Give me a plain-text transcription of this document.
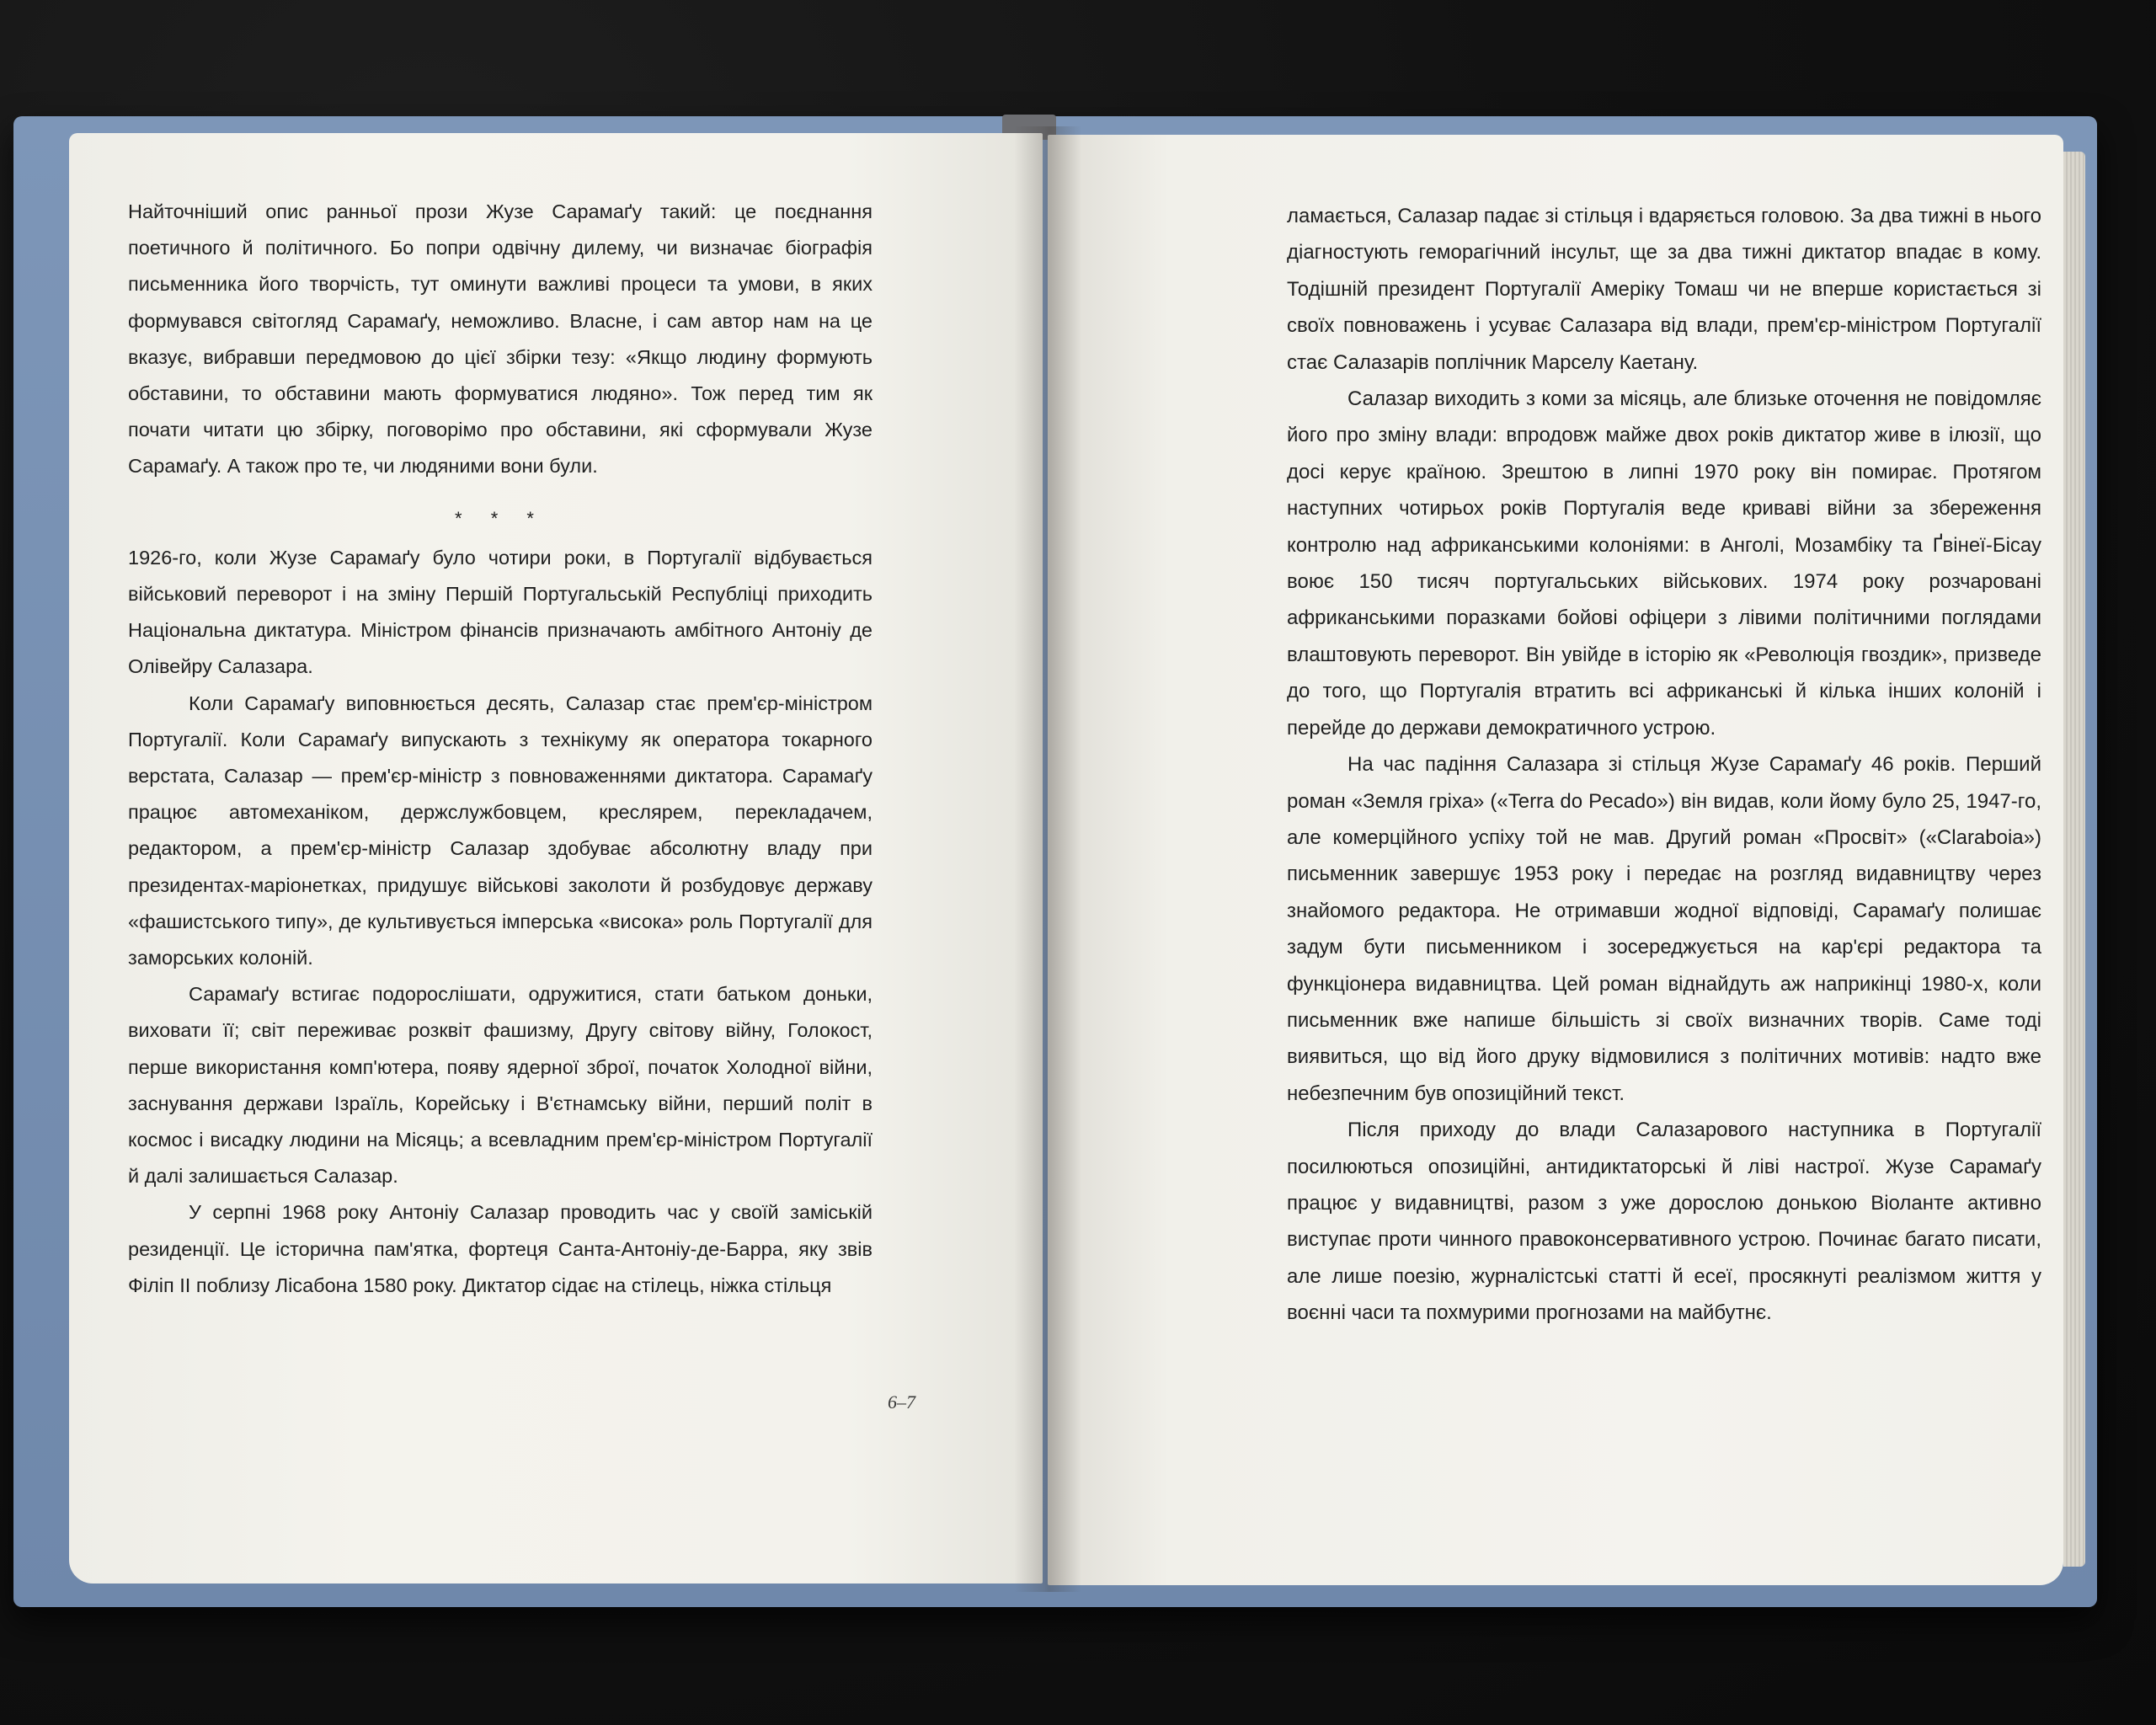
Найточніший опис ранньої прози Жузе Сарамаґу такий: це поєднання поетичного й політичного. Бо попри одвічну дилему, чи визначає біографія письменника його творчість, тут оминути важливі процеси та умови, в яких формувався світогляд Сарамаґу, неможливо. Власне, і сам автор нам на це вказує, вибравши передмовою до цієї збірки тезу: «Якщо людину формують обставини, то обставини мають формуватися людяно». Тож перед тим як почати читати цю збірку, поговорімо про обставини, які сформували Жузе Сарамаґу. А також про те, чи людяними вони були.

* * *

1926-го, коли Жузе Сарамаґу було чотири роки, в Португалії відбувається військовий переворот і на зміну Першій Португальській Республіці приходить Національна диктатура. Міністром фінансів призначають амбітного Антоніу де Олівейру Салазара.

Коли Сарамаґу виповнюється десять, Салазар стає прем'єр-міністром Португалії. Коли Сарамаґу випускають з технікуму як оператора токарного верстата, Салазар — прем'єр-міністр з повноваженнями диктатора. Сарамаґу працює автомеханіком, держслужбовцем, креслярем, перекладачем, редактором, а прем'єр-міністр Салазар здобуває абсолютну владу при президентах-маріонетках, придушує військові заколоти й розбудовує державу «фашистського типу», де культивується імперська «висока» роль Португалії для заморських колоній.

Сарамаґу встигає подорослішати, одружитися, стати батьком доньки, виховати її; світ переживає розквіт фашизму, Другу світову війну, Голокост, перше використання комп'ютера, появу ядерної зброї, початок Холодної війни, заснування держави Ізраїль, Корейську і В'єтнамську війни, перший політ в космос і висадку людини на Місяць; а всевладним прем'єр-міністром Португалії й далі залишається Салазар.

У серпні 1968 року Антоніу Салазар проводить час у своїй заміській резиденції. Це історична пам'ятка, фортеця Санта-Антоніу-де-Барра, яку звів Філіп II поблизу Лісабона 1580 року. Диктатор сідає на стілець, ніжка стільця

6–7

ламається, Салазар падає зі стільця і вдаряється головою. За два тижні в нього діагностують геморагічний інсульт, ще за два тижні диктатор впадає в кому. Тодішній президент Португалії Амеріку Томаш чи не вперше користається зі своїх повноважень і усуває Салазара від влади, прем'єр-міністром Португалії стає Салазарів поплічник Марселу Каетану.

Салазар виходить з коми за місяць, але близьке оточення не повідомляє його про зміну влади: впродовж майже двох років диктатор живе в ілюзії, що досі керує країною. Зрештою в липні 1970 року він помирає. Протягом наступних чотирьох років Португалія веде криваві війни за збереження контролю над африканськими колоніями: в Анголі, Мозамбіку та Ґвінеї-Бісау воює 150 тисяч португальських військових. 1974 року розчаровані африканськими поразками бойові офіцери з лівими політичними поглядами влаштовують переворот. Він увійде в історію як «Революція гвоздик», призведе до того, що Португалія втратить всі африканські й кілька інших колоній і перейде до держави демократичного устрою.

На час падіння Салазара зі стільця Жузе Сарамаґу 46 років. Перший роман «Земля гріха» («Terra do Pecado») він видав, коли йому було 25, 1947-го, але комерційного успіху той не мав. Другий роман «Просвіт» («Claraboia») письменник завершує 1953 року і передає на розгляд видавництву через знайомого редактора. Не отримавши жодної відповіді, Сарамаґу полишає задум бути письменником і зосереджується на кар'єрі редактора та функціонера видавництва. Цей роман віднайдуть аж наприкінці 1980-х, коли письменник вже напише більшість зі своїх визначних творів. Саме тоді виявиться, що від його друку відмовилися з політичних мотивів: надто вже небезпечним був опозиційний текст.

Після приходу до влади Салазарового наступника в Португалії посилюються опозиційні, антидиктаторські й ліві настрої. Жузе Сарамаґу працює у видавництві, разом з уже дорослою донькою Віоланте активно виступає проти чинного правоконсервативного устрою. Починає багато писати, але лише поезію, журналістські статті й есеї, просякнуті реалізмом життя у воєнні часи та похмурими прогнозами на майбутнє.
